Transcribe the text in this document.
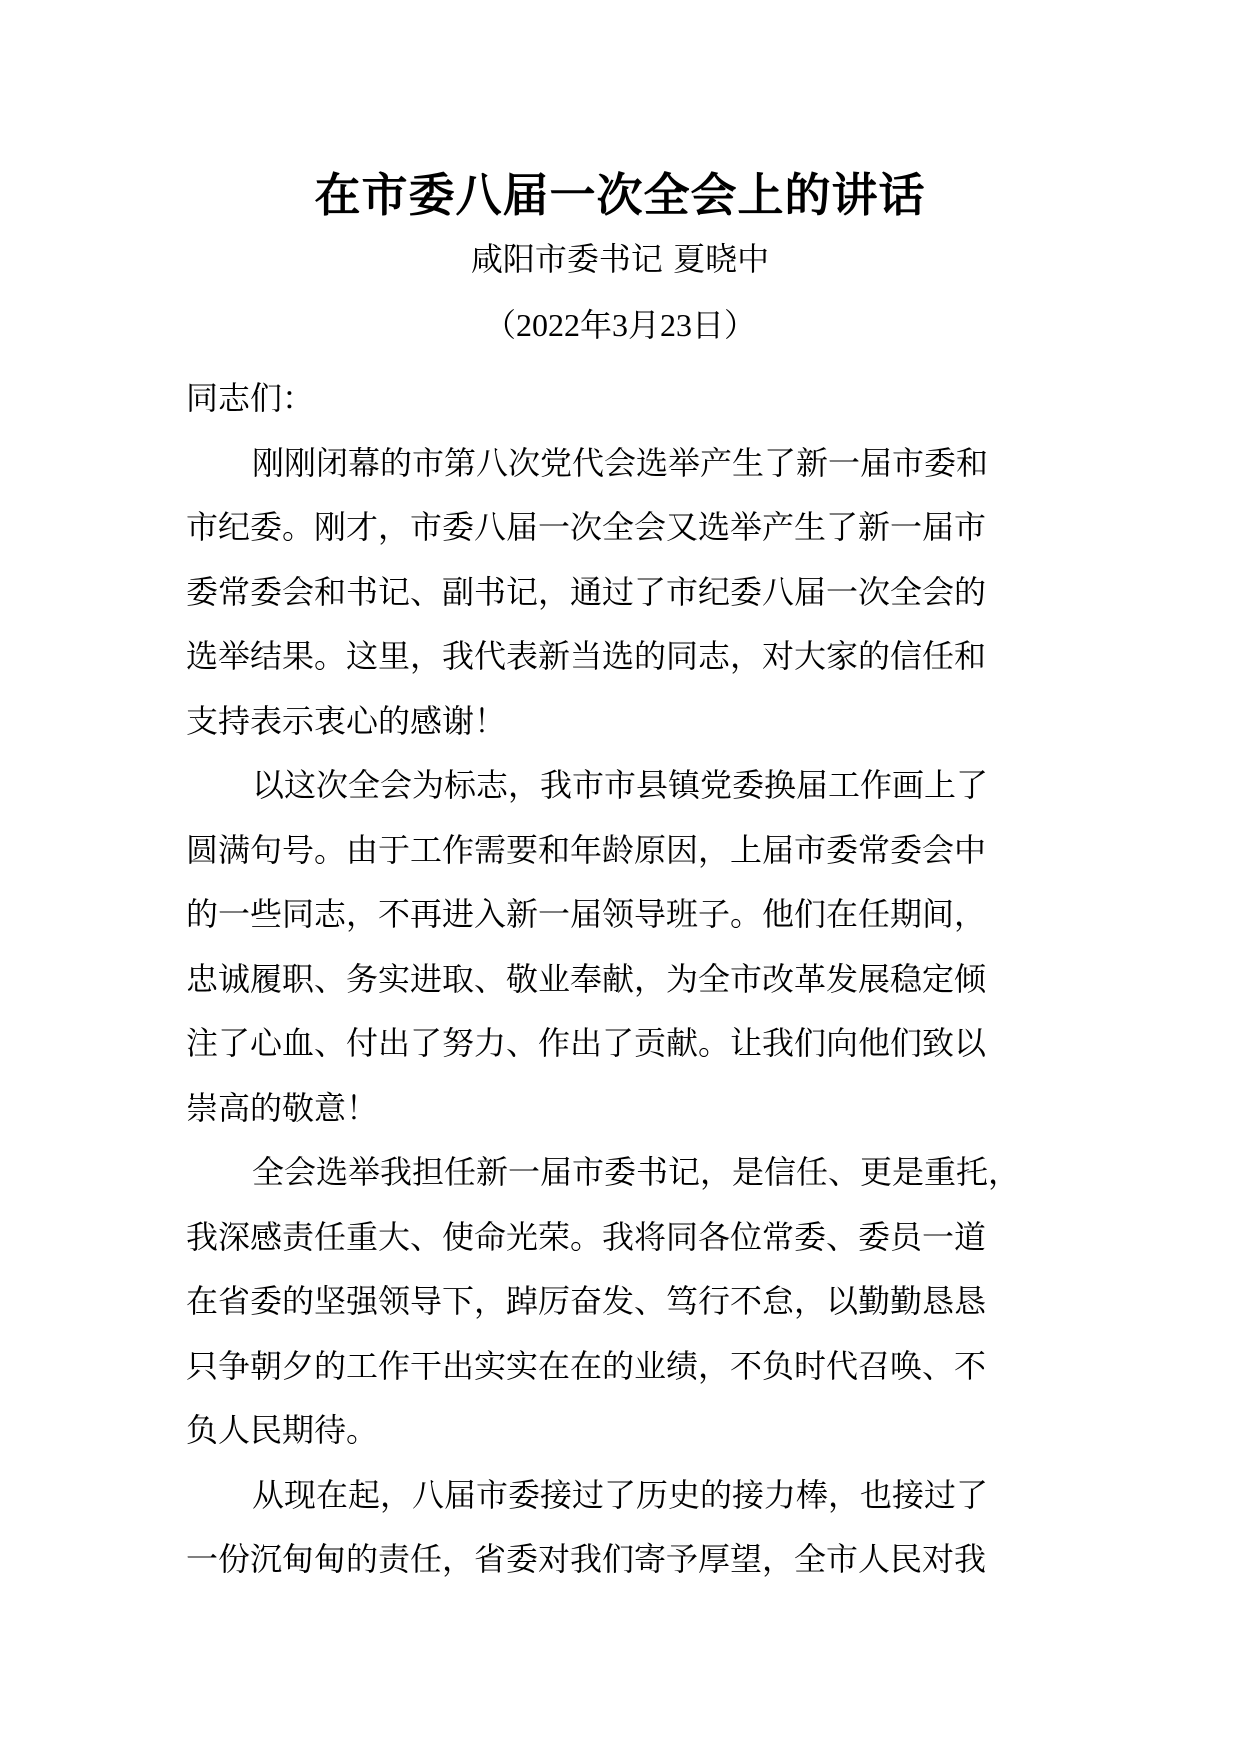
在市委八届一次全会上的讲话
咸阳市委书记 夏晓中
（2022年3月23日）
同志们：
刚刚闭幕的市第八次党代会选举产生了新一届市委和
市纪委。刚才，市委八届一次全会又选举产生了新一届市
委常委会和书记、副书记，通过了市纪委八届一次全会的
选举结果。这里，我代表新当选的同志，对大家的信任和
支持表示衷心的感谢！
以这次全会为标志，我市市县镇党委换届工作画上了
圆满句号。由于工作需要和年龄原因，上届市委常委会中
的一些同志，不再进入新一届领导班子。他们在任期间，
忠诚履职、务实进取、敬业奉献，为全市改革发展稳定倾
注了心血、付出了努力、作出了贡献。让我们向他们致以
崇高的敬意！
全会选举我担任新一届市委书记，是信任、更是重托，
我深感责任重大、使命光荣。我将同各位常委、委员一道
在省委的坚强领导下，踔厉奋发、笃行不怠，以勤勤恳恳
只争朝夕的工作干出实实在在的业绩，不负时代召唤、不
负人民期待。
从现在起，八届市委接过了历史的接力棒，也接过了
一份沉甸甸的责任，省委对我们寄予厚望，全市人民对我
